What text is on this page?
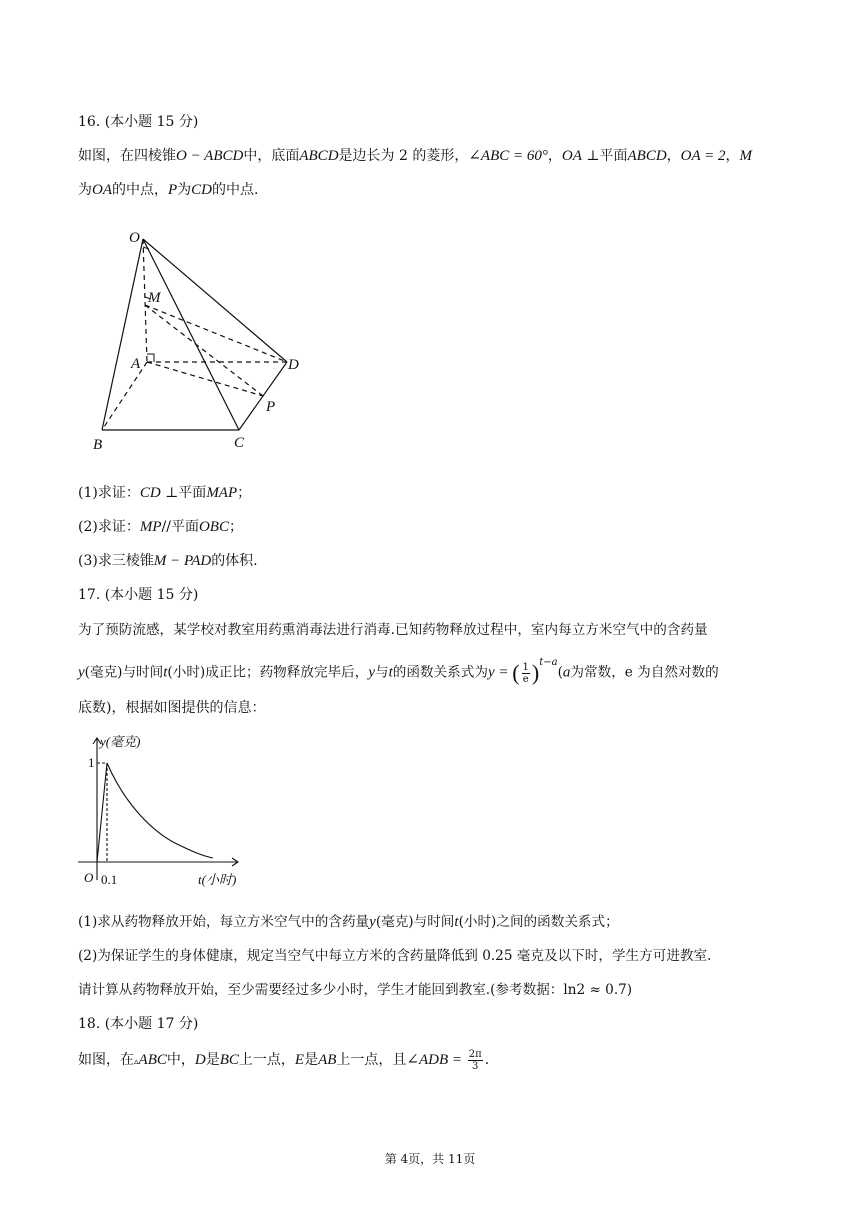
16. (本小题 15 分)
如图，在四棱锥O − ABCD中，底面ABCD是边长为 2 的菱形，∠ABC = 60°，OA ⊥平面ABCD，OA = 2，M
为OA的中点，P为CD的中点.
O
M
A	D
P
B	C
(1)求证：CD ⊥平面MAP；
(2)求证：MP//平面OBC；
(3)求三棱锥M − PAD的体积.
17. (本小题 15 分)
为了预防流感，某学校对教室用药熏消毒法进行消毒.已知药物释放过程中，室内每立方米空气中的含药量
y(毫克)与时间t(小时)成正比；药物释放完毕后，y与t的函数关系式为y = ( $\frac{1}{e} )^{t-a}(a$为常数，e 为自然对数的
底数)，根据如图提供的信息：
y(毫克)
1
O 0.1	t(小时)
(1)求从药物释放开始，每立方米空气中的含药量y(毫克)与时间t(小时)之间的函数关系式；
(2)为保证学生的身体健康，规定当空气中每立方米的含药量降低到 0.25 毫克及以下时，学生方可进教室.
请计算从药物释放开始，至少需要经过多少小时，学生才能回到教室.(参考数据：ln2 ≈ 0.7)
18. (本小题 17 分)
如图，在▵ABC中，D是BC上一点，E是AB上一点，且∠ADB = $\frac{2\pi}{3}$ .
第 4页，共 11页
